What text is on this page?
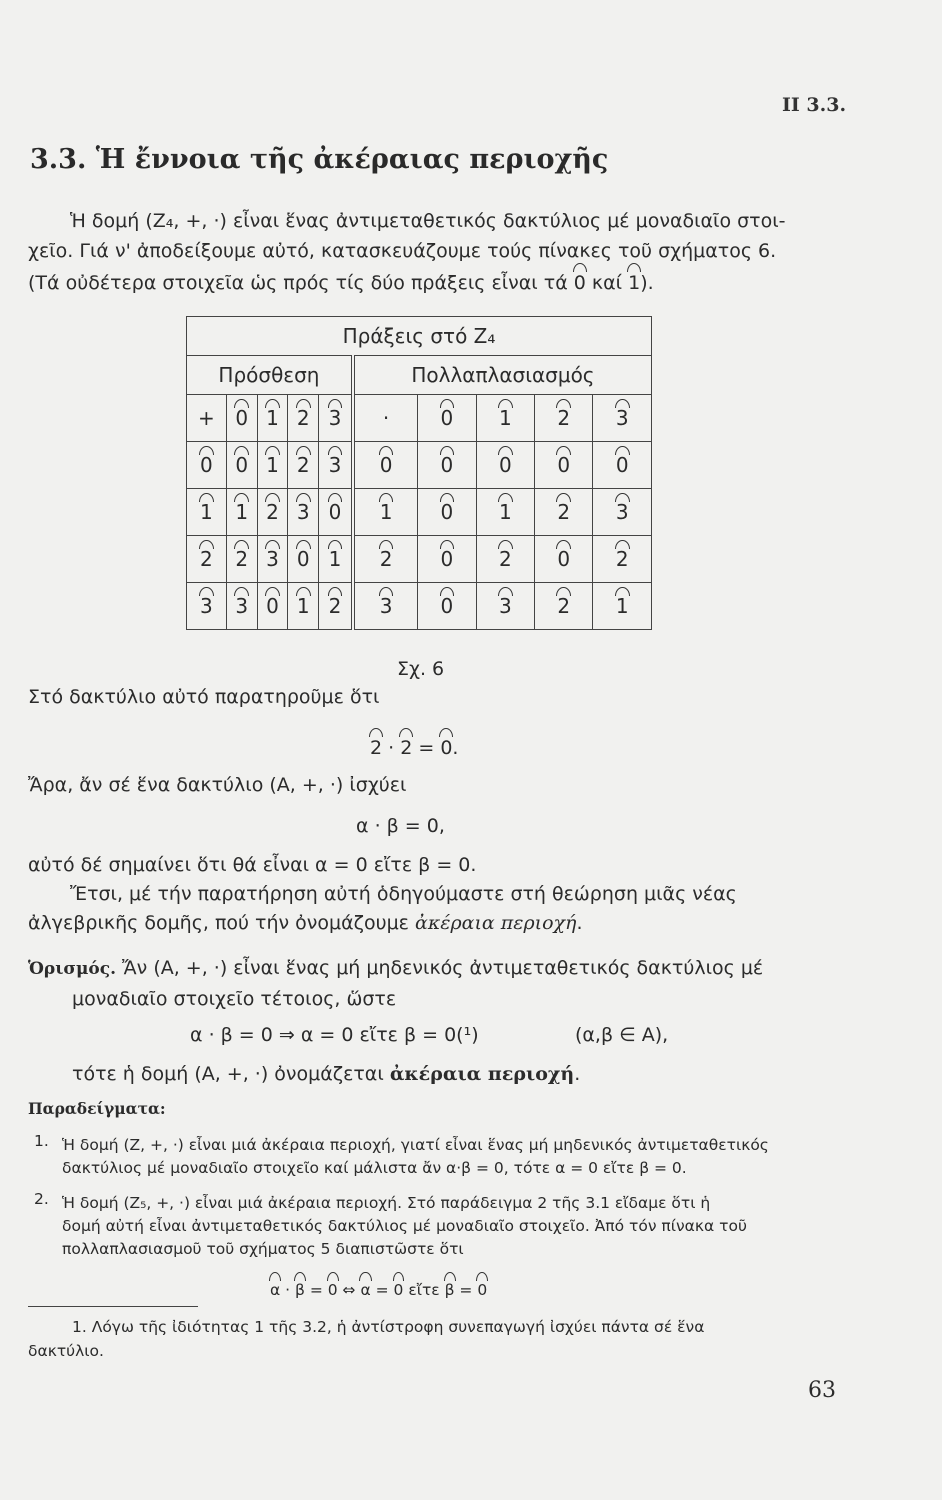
II 3.3.
3.3. Ἡ ἔννοια τῆς ἀκέραιας περιοχῆς
Ἡ δομή (Z₄, +, ·) εἶναι ἕνας ἀντιμεταθετικός δακτύλιος μέ μοναδιαῖο στοι-
χεῖο. Γιά ν' ἀποδείξουμε αὐτό, κατασκευάζουμε τούς πίνακες τοῦ σχήματος 6.
(Τά οὐδέτερα στοιχεῖα ὡς πρός τίς δύο πράξεις εἶναι τά 0 καί 1).
Πράξεις στό Z₄									
Πρόσθεση					Πολλαπλασιασμός				
+	0	1	2	3	·	0	1	2	3
0	0	1	2	3	0	0	0	0	0
1	1	2	3	0	1	0	1	2	3
2	2	3	0	1	2	0	2	0	2
3	3	0	1	2	3	0	3	2	1
Σχ. 6
Στό δακτύλιο αὐτό παρατηροῦμε ὅτι
2 · 2 = 0.
Ἄρα, ἄν σέ ἕνα δακτύλιο (A, +, ·) ἰσχύει
α · β = 0,
αὐτό δέ σημαίνει ὅτι θά εἶναι α = 0 εἴτε β = 0.
Ἔτσι, μέ τήν παρατήρηση αὐτή ὁδηγούμαστε στή θεώρηση μιᾶς νέας
ἀλγεβρικῆς δομῆς, πού τήν ὀνομάζουμε ἀκέραια περιοχή.
Ὁρισμός. Ἄν (A, +, ·) εἶναι ἕνας μή μηδενικός ἀντιμεταθετικός δακτύλιος μέ
μοναδιαῖο στοιχεῖο τέτοιος, ὥστε
α · β = 0 ⇒ α = 0 εἴτε β = 0(¹)	(α,β ∈ A),
τότε ἡ δομή (A, +, ·) ὀνομάζεται ἀκέραια περιοχή.
Παραδείγματα:
1. Ἡ δομή (Z, +, ·) εἶναι μιά ἀκέραια περιοχή, γιατί εἶναι ἕνας μή μηδενικός ἀντιμεταθετικός
δακτύλιος μέ μοναδιαῖο στοιχεῖο καί μάλιστα ἄν α·β = 0, τότε α = 0 εἴτε β = 0.
2. Ἡ δομή (Z₅, +, ·) εἶναι μιά ἀκέραια περιοχή. Στό παράδειγμα 2 τῆς 3.1 εἴδαμε ὅτι ἡ
δομή αὐτή εἶναι ἀντιμεταθετικός δακτύλιος μέ μοναδιαῖο στοιχεῖο. Ἀπό τόν πίνακα τοῦ
πολλαπλασιασμοῦ τοῦ σχήματος 5 διαπιστῶστε ὅτι
α · β = 0 ⇔ α = 0 εἴτε β = 0
1. Λόγω τῆς ἰδιότητας 1 τῆς 3.2, ἡ ἀντίστροφη συνεπαγωγή ἰσχύει πάντα σέ ἕνα
δακτύλιο.
63
